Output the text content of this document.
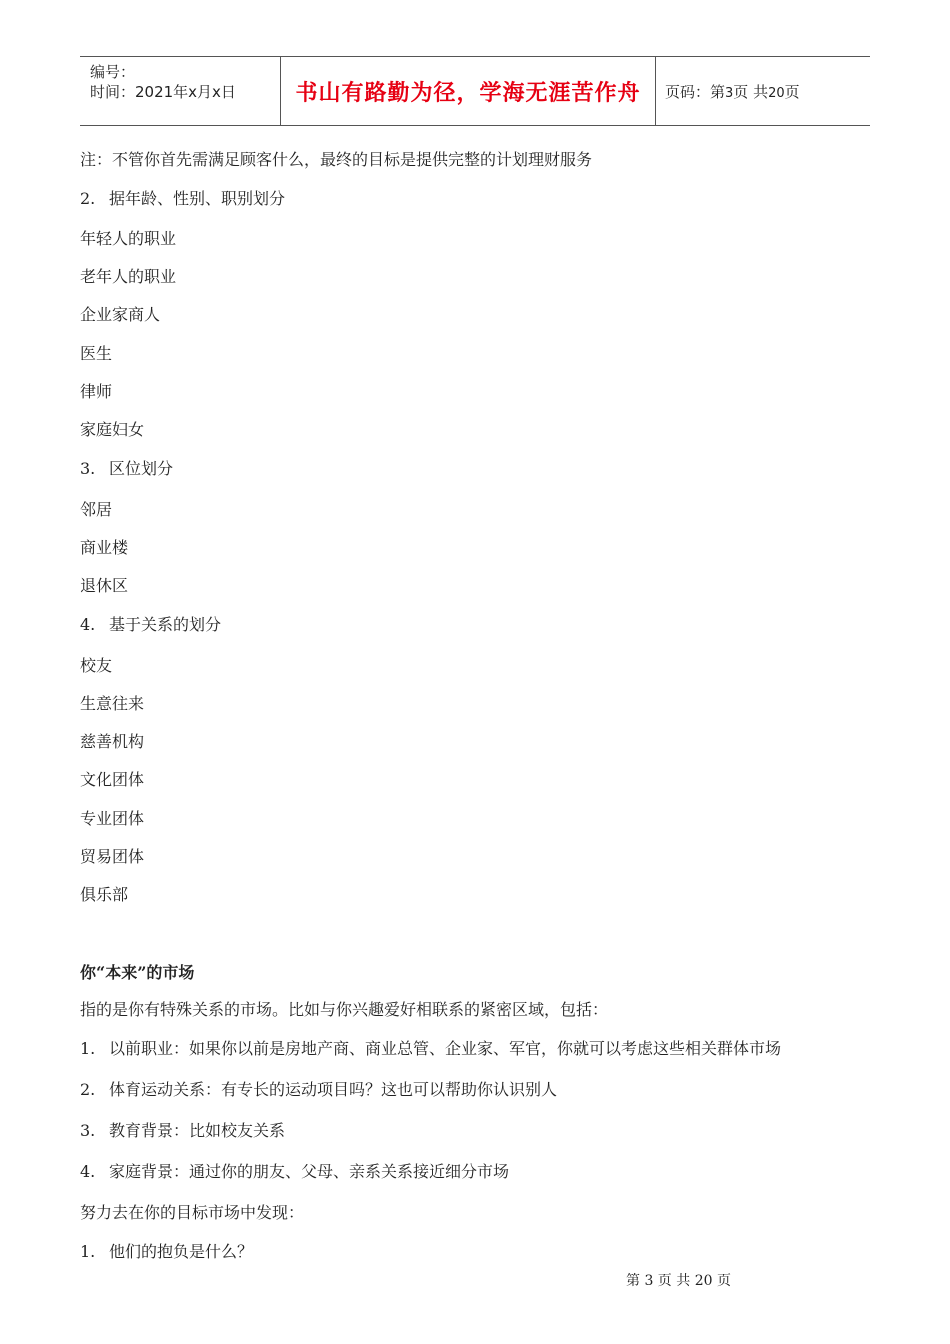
编号：
时间：2021年x月x日	书山有路勤为径，学海无涯苦作舟 页码：第3页 共20页
注：不管你首先需满足顾客什么，最终的目标是提供完整的计划理财服务
2. 据年龄、性别、职别划分
年轻人的职业
老年人的职业
企业家商人
医生
律师
家庭妇女
3. 区位划分
邻居
商业楼
退休区
4. 基于关系的划分
校友
生意往来
慈善机构
文化团体
专业团体
贸易团体
俱乐部
你“本来”的市场
指的是你有特殊关系的市场。比如与你兴趣爱好相联系的紧密区域，包括：
1. 以前职业：如果你以前是房地产商、商业总管、企业家、军官，你就可以考虑这些相关群体市场
2. 体育运动关系：有专长的运动项目吗？这也可以帮助你认识别人
3. 教育背景：比如校友关系
4. 家庭背景：通过你的朋友、父母、亲系关系接近细分市场
努力去在你的目标市场中发现：
1. 他们的抱负是什么？
第 3 页 共 20 页
